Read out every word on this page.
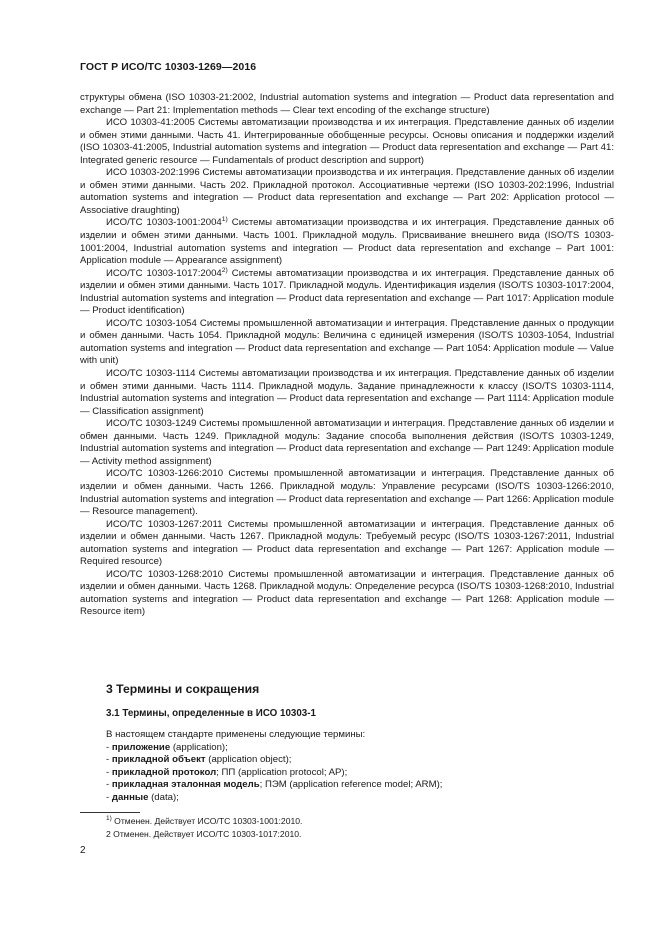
ГОСТ Р ИСО/ТС 10303-1269—2016

структуры обмена (ISO 10303-21:2002, Industrial automation systems and integration — Product data representation and exchange — Part 21: Implementation methods — Clear text encoding of the exchange structure)

ИСО 10303-41:2005 Системы автоматизации производства и их интеграция. Представление данных об изделии и обмен этими данными. Часть 41. Интегрированные обобщенные ресурсы. Основы описания и поддержки изделий (ISO 10303-41:2005, Industrial automation systems and integration — Product data representation and exchange — Part 41: Integrated generic resource — Fundamentals of product description and support)

ИСО 10303-202:1996 Системы автоматизации производства и их интеграция. Представление данных об изделии и обмен этими данными. Часть 202. Прикладной протокол. Ассоциативные чертежи (ISO 10303-202:1996, Industrial automation systems and integration — Product data representation and exchange — Part 202: Application protocol — Associative draughting)

ИСО/ТС 10303-1001:2004$^{1)}$ Системы автоматизации производства и их интеграция. Представление данных об изделии и обмен этими данными. Часть 1001. Прикладной модуль. Присваивание внешнего вида (ISO/TS 10303-1001:2004, Industrial automation systems and integration — Product data representation and exchange – Part 1001: Application module — Appearance assignment)

ИСО/ТС 10303-1017:2004$^{2)}$ Системы автоматизации производства и их интеграция. Представление данных об изделии и обмен этими данными. Часть 1017. Прикладной модуль. Идентификация изделия (ISO/TS 10303-1017:2004, Industrial automation systems and integration — Product data representation and exchange — Part 1017: Application module — Product identification)

ИСО/ТС 10303-1054 Системы промышленной автоматизации и интеграция. Представление данных о продукции и обмен данными. Часть 1054. Прикладной модуль: Величина с единицей измерения (ISO/TS 10303-1054, Industrial automation systems and integration — Product data representation and exchange — Part 1054: Application module — Value with unit)

ИСО/ТС 10303-1114 Системы автоматизации производства и их интеграция. Представление данных об изделии и обмен этими данными. Часть 1114. Прикладной модуль. Задание принадлежности к классу (ISO/TS 10303-1114, Industrial automation systems and integration — Product data representation and exchange — Part 1114: Application module — Classification assignment)

ИСО/ТС 10303-1249 Системы промышленной автоматизации и интеграция. Представление данных об изделии и обмен данными. Часть 1249. Прикладной модуль: Задание способа выполнения действия (ISO/TS 10303-1249, Industrial automation systems and integration — Product data representation and exchange — Part 1249: Application module — Activity method assignment)

ИСО/ТС 10303-1266:2010 Системы промышленной автоматизации и интеграция. Представление данных об изделии и обмен данными. Часть 1266. Прикладной модуль: Управление ресурсами (ISO/TS 10303-1266:2010, Industrial automation systems and integration — Product data representation and exchange — Part 1266: Application module — Resource management).

ИСО/ТС 10303-1267:2011 Системы промышленной автоматизации и интеграция. Представление данных об изделии и обмен данными. Часть 1267. Прикладной модуль: Требуемый ресурс (ISO/TS 10303-1267:2011, Industrial automation systems and integration — Product data representation and exchange — Part 1267: Application module — Required resource)

ИСО/ТС 10303-1268:2010 Системы промышленной автоматизации и интеграция. Представление данных об изделии и обмен данными. Часть 1268. Прикладной модуль: Определение ресурса (ISO/TS 10303-1268:2010, Industrial automation systems and integration — Product data representation and exchange — Part 1268: Application module — Resource item)

3 Термины и сокращения
3.1 Термины, определенные в ИСО 10303-1
В настоящем стандарте применены следующие термины:
- приложение (application);
- прикладной объект (application object);
- прикладной протокол; ПП (application protocol; AP);
- прикладная эталонная модель; ПЭМ (application reference model; ARM);
- данные (data);
$^{1)}$ Отменен. Действует ИСО/ТС 10303-1001:2010.
2 Отменен. Действует ИСО/ТС 10303-1017:2010.
2
